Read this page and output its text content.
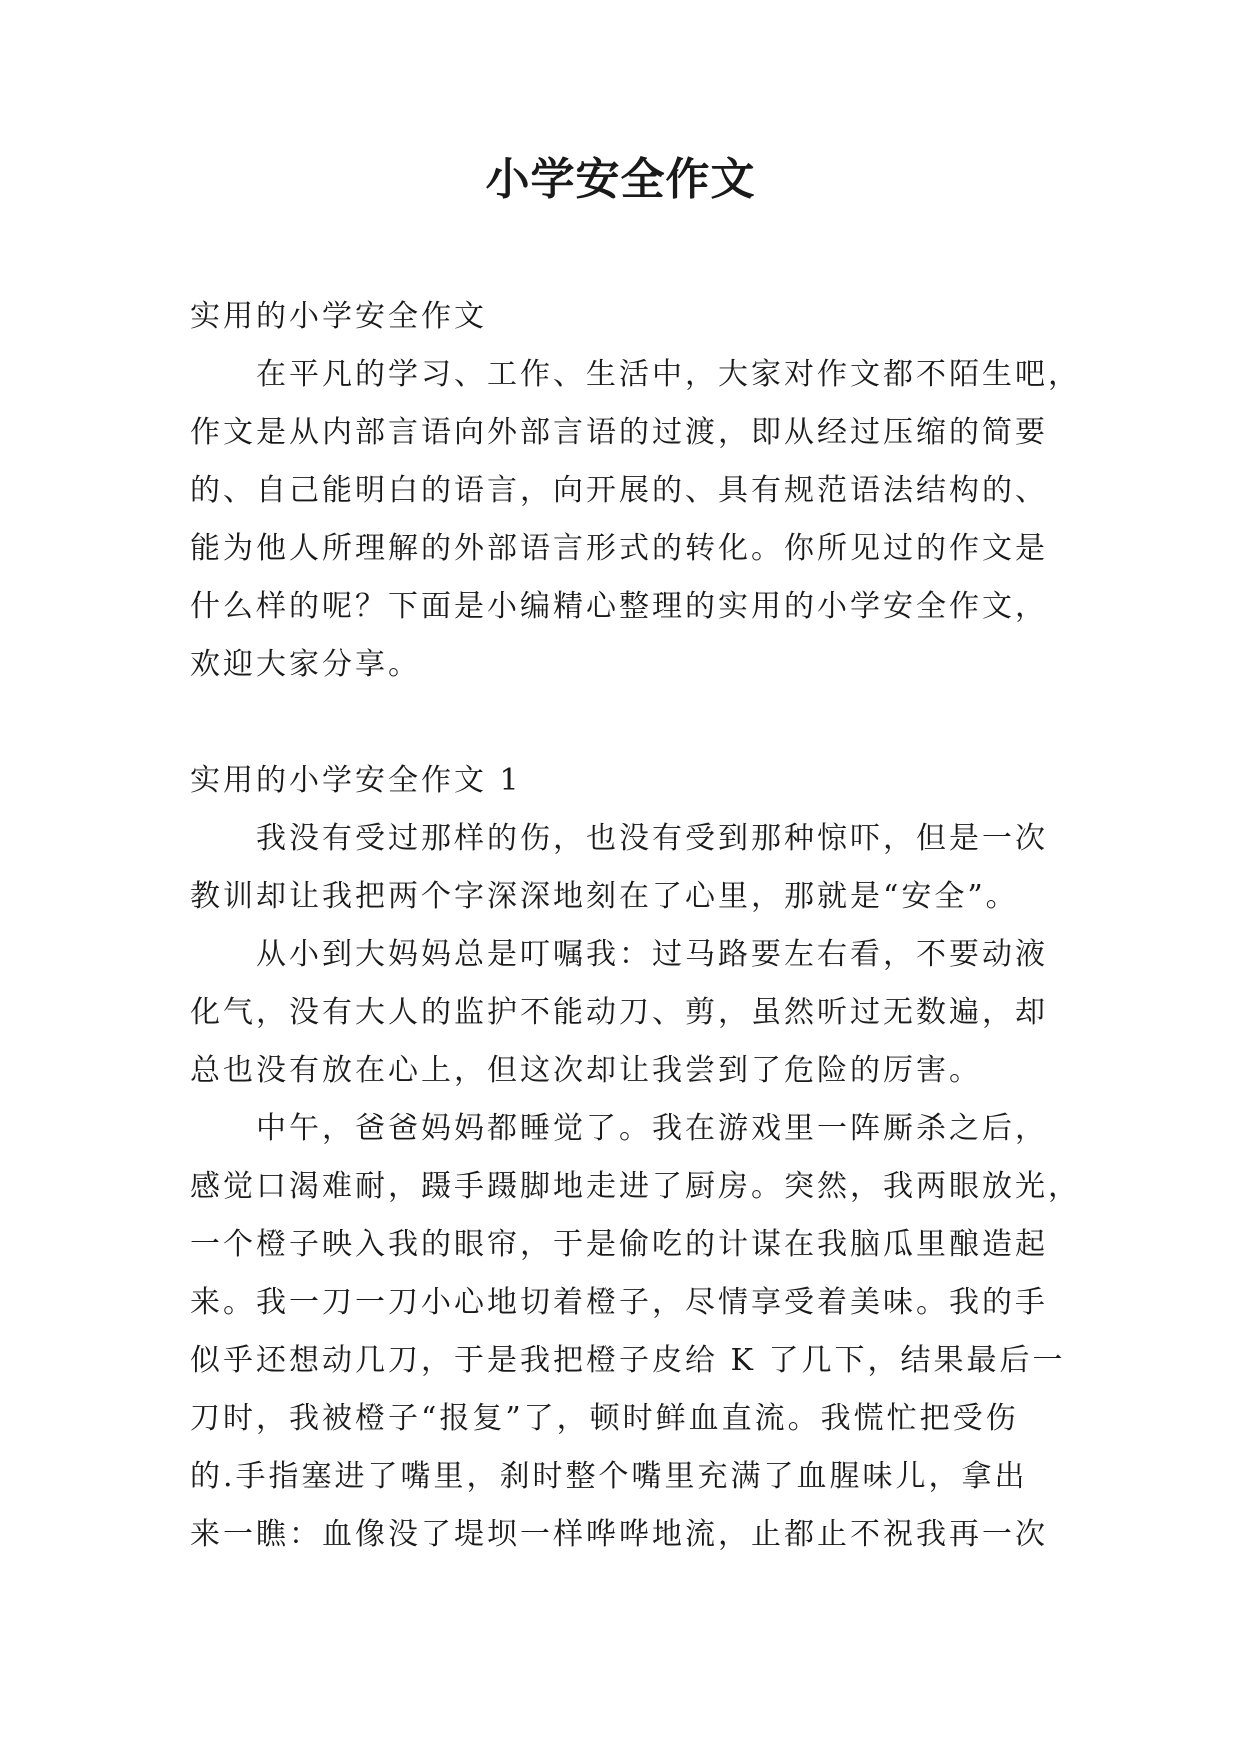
小学安全作文
实用的小学安全作文
在平凡的学习、工作、生活中，大家对作文都不陌生吧，
作文是从内部言语向外部言语的过渡，即从经过压缩的简要
的、自己能明白的语言，向开展的、具有规范语法结构的、
能为他人所理解的外部语言形式的转化。你所见过的作文是
什么样的呢？下面是小编精心整理的实用的小学安全作文，
欢迎大家分享。
实用的小学安全作文 1
我没有受过那样的伤，也没有受到那种惊吓，但是一次
教训却让我把两个字深深地刻在了心里，那就是“安全”。
从小到大妈妈总是叮嘱我：过马路要左右看，不要动液
化气，没有大人的监护不能动刀、剪，虽然听过无数遍，却
总也没有放在心上，但这次却让我尝到了危险的厉害。
中午，爸爸妈妈都睡觉了。我在游戏里一阵厮杀之后，
感觉口渴难耐，蹑手蹑脚地走进了厨房。突然，我两眼放光，
一个橙子映入我的眼帘，于是偷吃的计谋在我脑瓜里酿造起
来。我一刀一刀小心地切着橙子，尽情享受着美味。我的手
似乎还想动几刀，于是我把橙子皮给 K 了几下，结果最后一
刀时，我被橙子“报复”了，顿时鲜血直流。我慌忙把受伤
的.手指塞进了嘴里，刹时整个嘴里充满了血腥味儿，拿出
来一瞧：血像没了堤坝一样哗哗地流，止都止不祝我再一次
